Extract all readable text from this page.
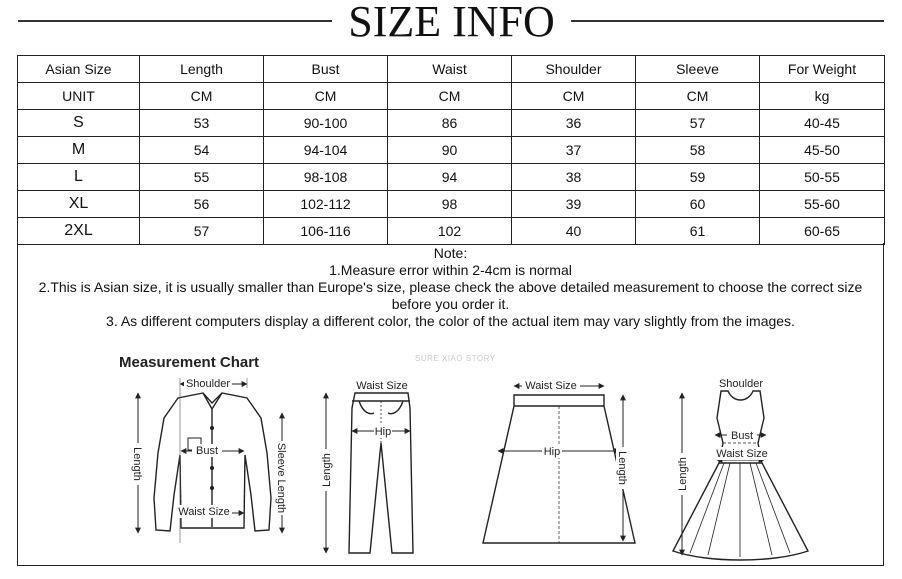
SIZE INFO
Asian Size	Length	Bust	Waist	Shoulder	Sleeve	For Weight
UNIT	CM	CM	CM	CM	CM	kg
S	53	90-100	86	36	57	40-45
M	54	94-104	90	37	58	45-50
L	55	98-108	94	38	59	50-55
XL	56	102-112	98	39	60	55-60
2XL	57	106-116	102	40	61	60-65
Note:
1.Measure error within 2-4cm is normal
2.This is Asian size, it is usually smaller than Europe's size, please check the above detailed measurement to choose the correct size
before you order it.
3. As different computers display a different color, the color of the actual item may vary slightly from the images.
Measurement Chart	SURE XIAO STORY
Shoulder
Bust
Waist Size
Length	Sleeve Length
Waist Size
Hip
Length
Waist Size
Hip	Length
Shoulder
Bust
Waist Size
Length
